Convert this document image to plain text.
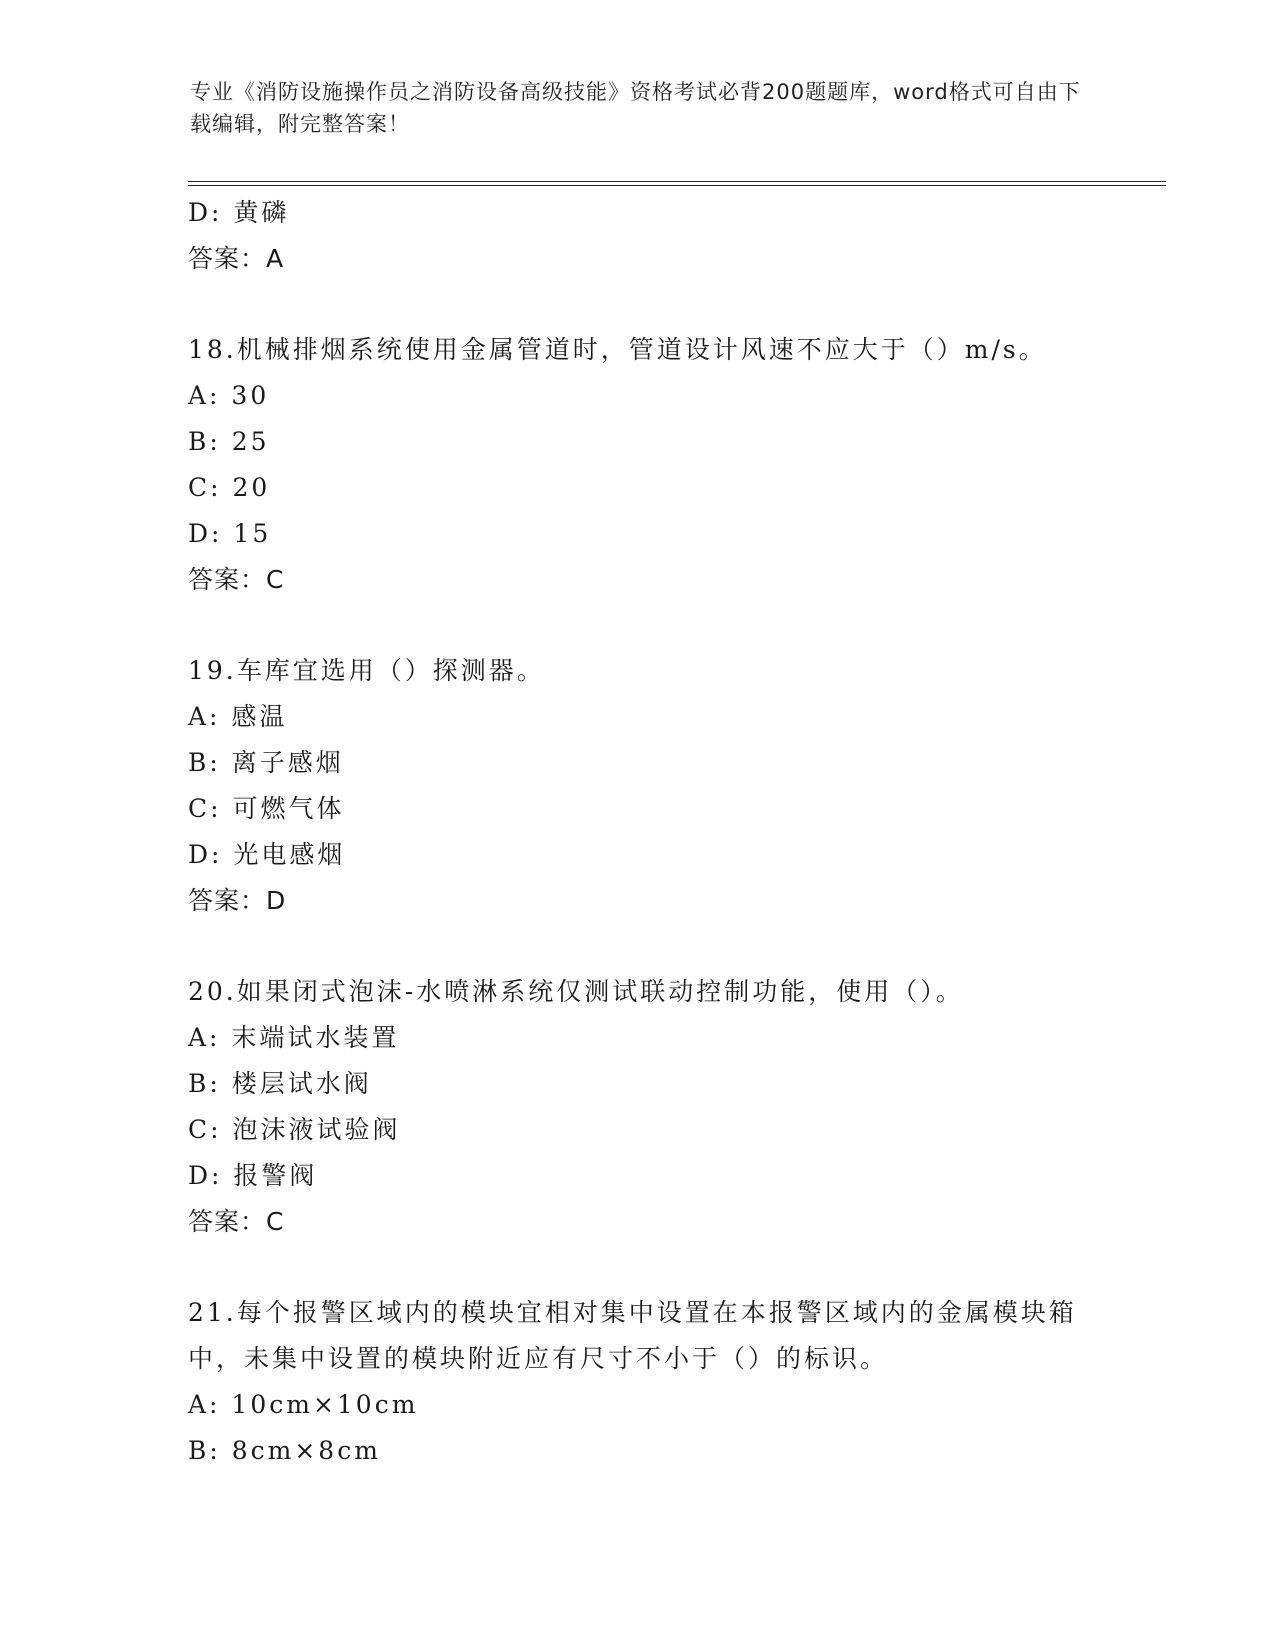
专业《消防设施操作员之消防设备高级技能》资格考试必背200题题库，word格式可自由下载编辑，附完整答案！
D: 黄磷
答案：A
18.机械排烟系统使用金属管道时，管道设计风速不应大于（）m/s。
A: 30
B: 25
C: 20
D: 15
答案：C
19.车库宜选用（）探测器。
A: 感温
B: 离子感烟
C: 可燃气体
D: 光电感烟
答案：D
20.如果闭式泡沫-水喷淋系统仅测试联动控制功能，使用（）。
A: 末端试水装置
B: 楼层试水阀
C: 泡沫液试验阀
D: 报警阀
答案：C
21.每个报警区域内的模块宜相对集中设置在本报警区域内的金属模块箱中，未集中设置的模块附近应有尺寸不小于（）的标识。
A: 10cm×10cm
B: 8cm×8cm
